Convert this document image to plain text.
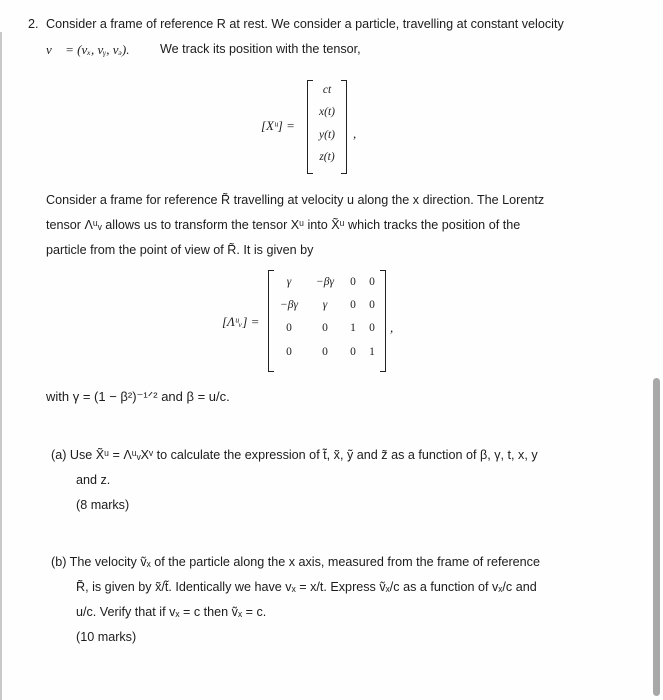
2. Consider a frame of reference R at rest. We consider a particle, travelling at constant velocity
v⃗ = (vₓ, vᵧ, vₔ). We track its position with the tensor,
[Xᵘ] =
ct
x(t)
y(t)
z(t)
,
Consider a frame for reference R̃ travelling at velocity u along the x direction. The Lorentz
tensor Λᵘᵥ allows us to transform the tensor Xᵘ into X̃ᵘ which tracks the position of the
particle from the point of view of R̃. It is given by
[Λᵘᵥ] =
γ	−βγ	0	0
−βγ	γ	0	0
0	0	1	0
0	0	0	1
,
with γ = (1 − β²)⁻¹ᐟ² and β = u/c.
(a) Use X̃ᵘ = ΛᵘᵥXᵛ to calculate the expression of t̃, x̃, ỹ and z̃ as a function of β, γ, t, x, y
and z.
(8 marks)
(b) The velocity ṽₓ of the particle along the x axis, measured from the frame of reference
R̃, is given by x̃/t̃. Identically we have vₓ = x/t. Express ṽₓ/c as a function of vₓ/c and
u/c. Verify that if vₓ = c then ṽₓ = c.
(10 marks)
